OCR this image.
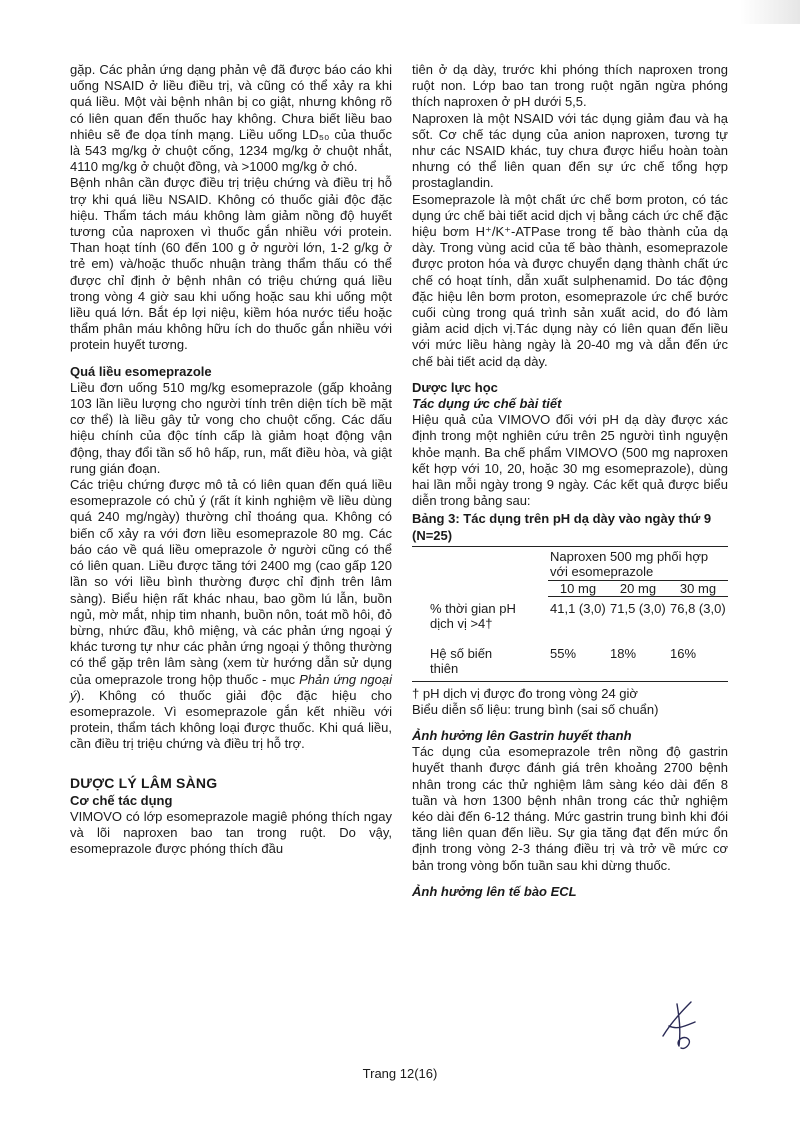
gặp. Các phản ứng dạng phản vệ đã được báo cáo khi uống NSAID ở liều điều trị, và cũng có thể xảy ra khi quá liều. Một vài bệnh nhân bị co giật, nhưng không rõ có liên quan đến thuốc hay không. Chưa biết liều bao nhiêu sẽ đe dọa tính mạng. Liều uống LD₅₀ của thuốc là 543 mg/kg ở chuột cống, 1234 mg/kg ở chuột nhắt, 4110 mg/kg ở chuột đồng, và >1000 mg/kg ở chó.

Bệnh nhân cần được điều trị triệu chứng và điều trị hỗ trợ khi quá liều NSAID. Không có thuốc giải độc đặc hiệu. Thẩm tách máu không làm giảm nồng độ huyết tương của naproxen vì thuốc gắn nhiều với protein. Than hoạt tính (60 đến 100 g ở người lớn, 1-2 g/kg ở trẻ em) và/hoặc thuốc nhuận tràng thẩm thấu có thể được chỉ định ở bệnh nhân có triệu chứng quá liều trong vòng 4 giờ sau khi uống hoặc sau khi uống một liều quá lớn. Bắt ép lợi niệu, kiềm hóa nước tiểu hoặc thẩm phân máu không hữu ích do thuốc gắn nhiều với protein huyết tương.

Quá liều esomeprazole

Liều đơn uống 510 mg/kg esomeprazole (gấp khoảng 103 lần liều lượng cho người tính trên diện tích bề mặt cơ thể) là liều gây tử vong cho chuột cống. Các dấu hiệu chính của độc tính cấp là giảm hoạt động vận động, thay đổi tần số hô hấp, run, mất điều hòa, và giật rung gián đoạn.

Các triệu chứng được mô tả có liên quan đến quá liều esomeprazole có chủ ý (rất ít kinh nghiệm về liều dùng quá 240 mg/ngày) thường chỉ thoáng qua. Không có biến cố xảy ra với đơn liều esomeprazole 80 mg. Các báo cáo về quá liều omeprazole ở người cũng có thể có liên quan. Liều được tăng tới 2400 mg (cao gấp 120 lần so với liều bình thường được chỉ định trên lâm sàng). Biểu hiện rất khác nhau, bao gồm lú lẫn, buồn ngủ, mờ mắt, nhịp tim nhanh, buồn nôn, toát mồ hôi, đỏ bừng, nhức đầu, khô miệng, và các phản ứng ngoại ý khác tương tự như các phản ứng ngoại ý thông thường có thể gặp trên lâm sàng (xem từ hướng dẫn sử dụng của omeprazole trong hộp thuốc - mục Phản ứng ngoại ý). Không có thuốc giải độc đặc hiệu cho esomeprazole. Vì esomeprazole gắn kết nhiều với protein, thẩm tách không loại được thuốc. Khi quá liều, cần điều trị triệu chứng và điều trị hỗ trợ.

DƯỢC LÝ LÂM SÀNG
Cơ chế tác dụng

VIMOVO có lớp esomeprazole magiê phóng thích ngay và lõi naproxen bao tan trong ruột. Do vậy, esomeprazole được phóng thích đầu

tiên ở dạ dày, trước khi phóng thích naproxen trong ruột non. Lớp bao tan trong ruột ngăn ngừa phóng thích naproxen ở pH dưới 5,5.

Naproxen là một NSAID với tác dụng giảm đau và hạ sốt. Cơ chế tác dụng của anion naproxen, tương tự như các NSAID khác, tuy chưa được hiểu hoàn toàn nhưng có thể liên quan đến sự ức chế tổng hợp prostaglandin.

Esomeprazole là một chất ức chế bơm proton, có tác dụng ức chế bài tiết acid dịch vị bằng cách ức chế đặc hiệu bơm H⁺/K⁺-ATPase trong tế bào thành của dạ dày. Trong vùng acid của tế bào thành, esomeprazole được proton hóa và được chuyển dạng thành chất ức chế có hoạt tính, dẫn xuất sulphenamid. Do tác động đặc hiệu lên bơm proton, esomeprazole ức chế bước cuối cùng trong quá trình sản xuất acid, do đó làm giảm acid dịch vị.Tác dụng này có liên quan đến liều với mức liều hàng ngày là 20-40 mg và dẫn đến ức chế bài tiết acid dạ dày.

Dược lực học
Tác dụng ức chế bài tiết

Hiệu quả của VIMOVO đối với pH dạ dày được xác định trong một nghiên cứu trên 25 người tình nguyện khỏe mạnh. Ba chế phẩm VIMOVO (500 mg naproxen kết hợp với 10, 20, hoặc 30 mg esomeprazole), dùng hai lần mỗi ngày trong 9 ngày. Các kết quả được biểu diễn trong bảng sau:

Bảng 3: Tác dụng trên pH dạ dày vào ngày thứ 9 (N=25)

	Naproxen 500 mg phối hợp với esomeprazole		
	10 mg	20 mg	30 mg
% thời gian pH dịch vị >4†	41,1 (3,0)	71,5 (3,0)	76,8 (3,0)
Hệ số biến thiên	55%	18%	16%

† pH dịch vị được đo trong vòng 24 giờ

Biểu diễn số liệu: trung bình (sai số chuẩn)

Ảnh hưởng lên Gastrin huyết thanh

Tác dụng của esomeprazole trên nồng độ gastrin huyết thanh được đánh giá trên khoảng 2700 bệnh nhân trong các thử nghiệm lâm sàng kéo dài đến 8 tuần và hơn 1300 bệnh nhân trong các thử nghiệm kéo dài đến 6-12 tháng. Mức gastrin trung bình khi đói tăng liên quan đến liều. Sự gia tăng đạt đến mức ổn định trong vòng 2-3 tháng điều trị và trở về mức cơ bản trong vòng bốn tuần sau khi dừng thuốc.

Ảnh hưởng lên tế bào ECL
Trang 12(16)
